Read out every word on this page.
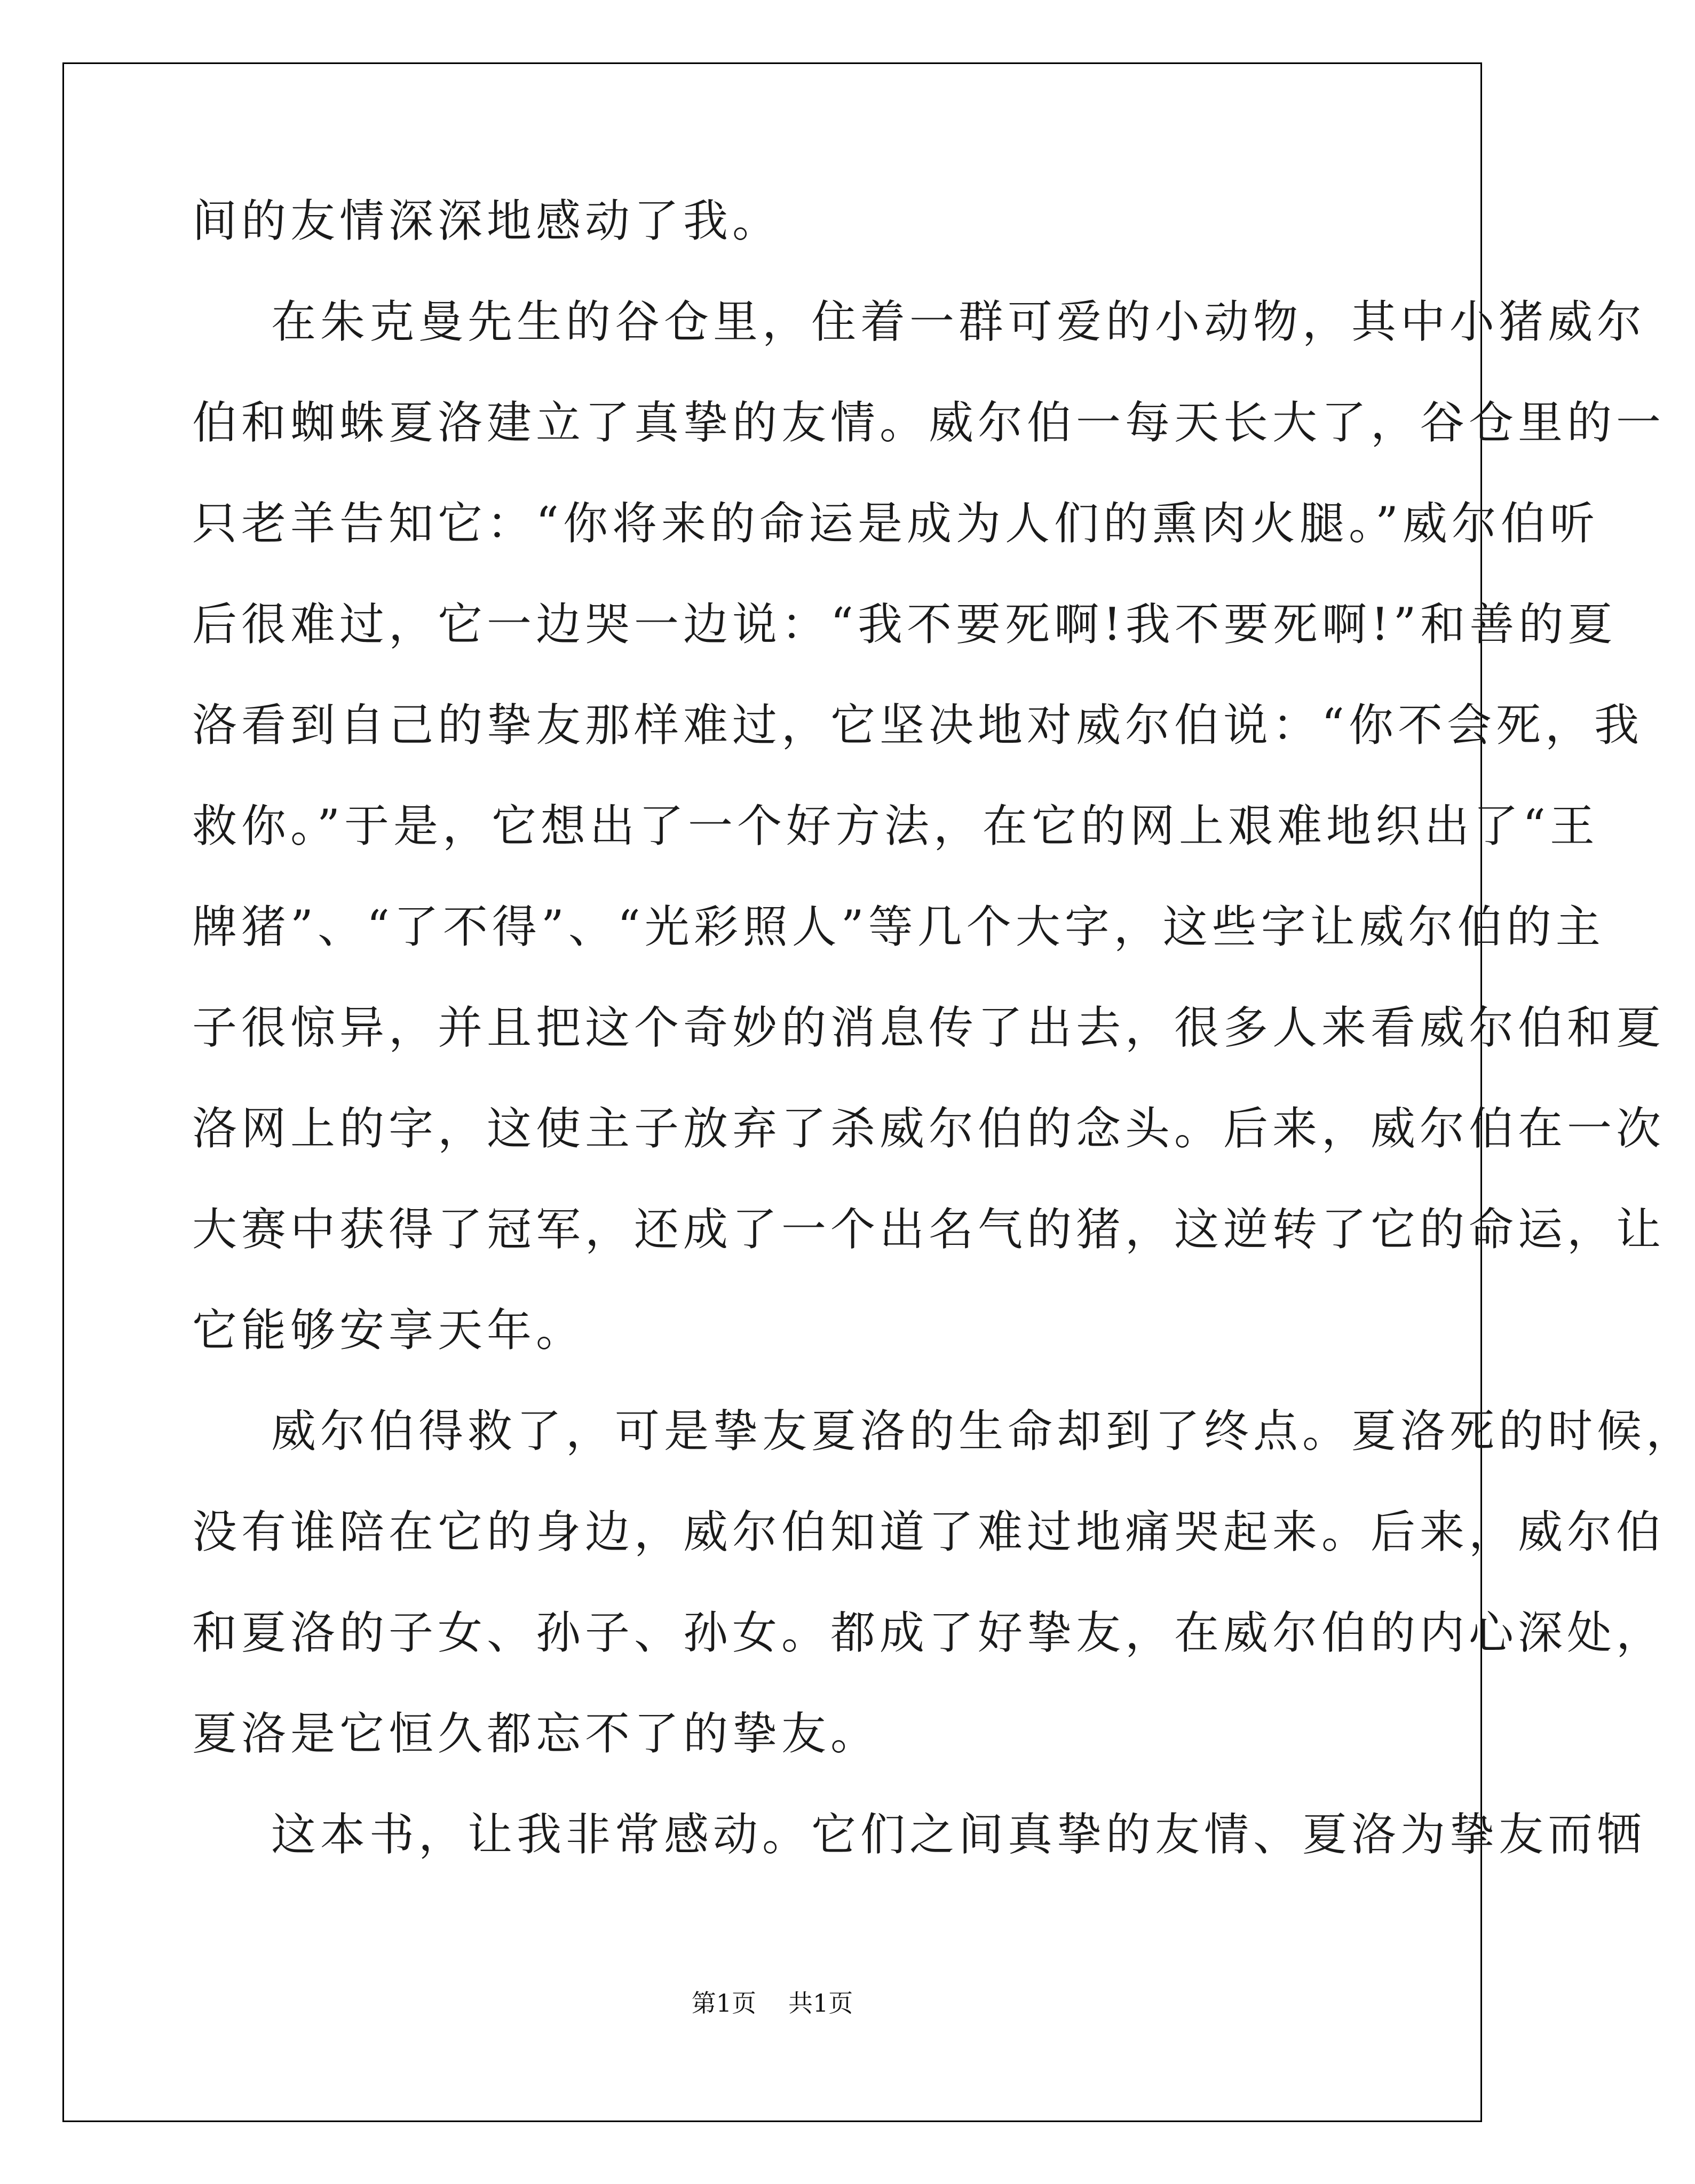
间的友情深深地感动了我。
在朱克曼先生的谷仓里，住着一群可爱的小动物，其中小猪威尔
伯和蜘蛛夏洛建立了真挚的友情。威尔伯一每天长大了，谷仓里的一
只老羊告知它：“你将来的命运是成为人们的熏肉火腿。”威尔伯听
后很难过，它一边哭一边说：“我不要死啊!我不要死啊!”和善的夏
洛看到自己的挚友那样难过，它坚决地对威尔伯说：“你不会死，我
救你。”于是，它想出了一个好方法，在它的网上艰难地织出了“王
牌猪”、“了不得”、“光彩照人”等几个大字，这些字让威尔伯的主
子很惊异，并且把这个奇妙的消息传了出去，很多人来看威尔伯和夏
洛网上的字，这使主子放弃了杀威尔伯的念头。后来，威尔伯在一次
大赛中获得了冠军，还成了一个出名气的猪，这逆转了它的命运，让
它能够安享天年。
威尔伯得救了，可是挚友夏洛的生命却到了终点。夏洛死的时候，
没有谁陪在它的身边，威尔伯知道了难过地痛哭起来。后来，威尔伯
和夏洛的子女、孙子、孙女。都成了好挚友，在威尔伯的内心深处，
夏洛是它恒久都忘不了的挚友。
这本书，让我非常感动。它们之间真挚的友情、夏洛为挚友而牺
第1页 共1页
